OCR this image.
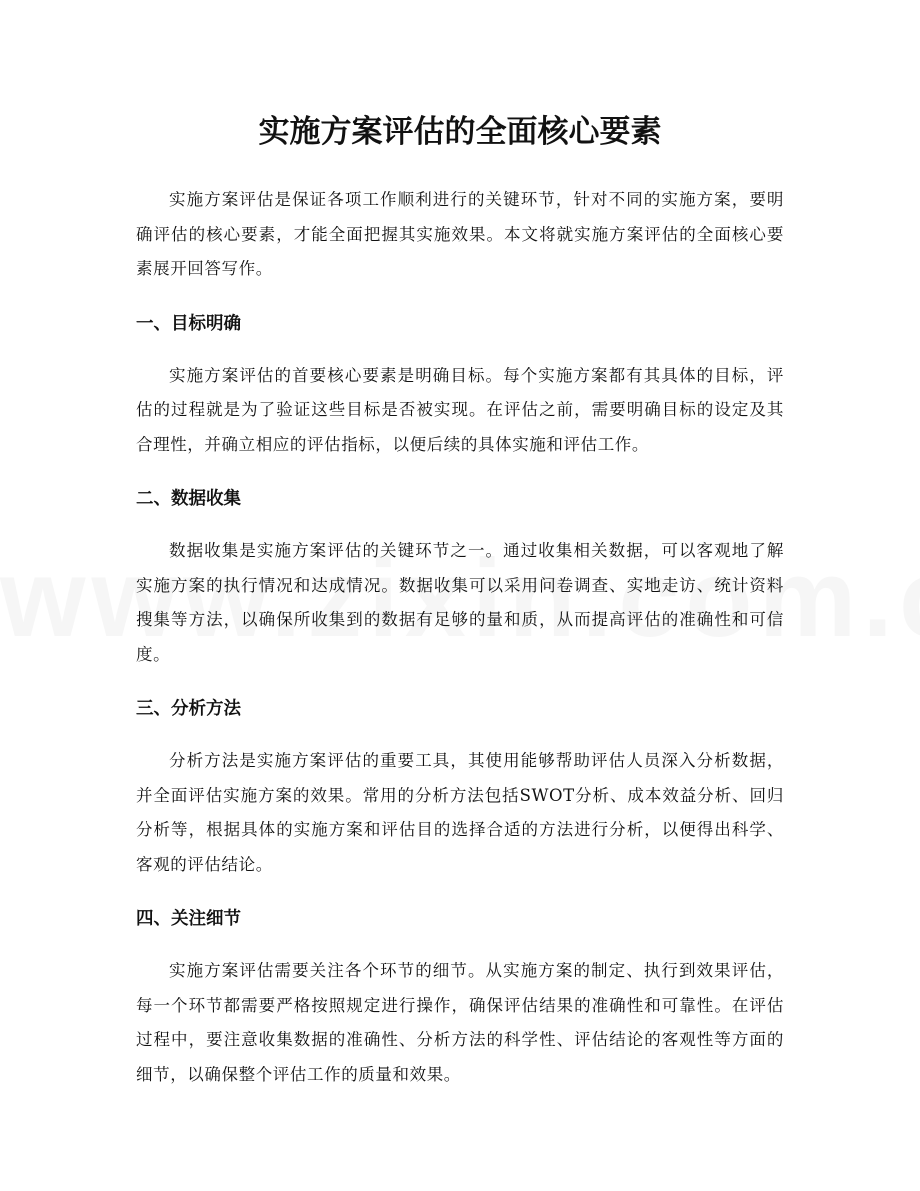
实施方案评估的全面核心要素

实施方案评估是保证各项工作顺利进行的关键环节，针对不同的实施方案，要明确评估的核心要素，才能全面把握其实施效果。本文将就实施方案评估的全面核心要素展开回答写作。

一、目标明确

实施方案评估的首要核心要素是明确目标。每个实施方案都有其具体的目标，评估的过程就是为了验证这些目标是否被实现。在评估之前，需要明确目标的设定及其合理性，并确立相应的评估指标，以便后续的具体实施和评估工作。

二、数据收集

数据收集是实施方案评估的关键环节之一。通过收集相关数据，可以客观地了解实施方案的执行情况和达成情况。数据收集可以采用问卷调查、实地走访、统计资料搜集等方法，以确保所收集到的数据有足够的量和质，从而提高评估的准确性和可信度。

三、分析方法

分析方法是实施方案评估的重要工具，其使用能够帮助评估人员深入分析数据，并全面评估实施方案的效果。常用的分析方法包括SWOT分析、成本效益分析、回归分析等，根据具体的实施方案和评估目的选择合适的方法进行分析，以便得出科学、客观的评估结论。

四、关注细节

实施方案评估需要关注各个环节的细节。从实施方案的制定、执行到效果评估，每一个环节都需要严格按照规定进行操作，确保评估结果的准确性和可靠性。在评估过程中，要注意收集数据的准确性、分析方法的科学性、评估结论的客观性等方面的细节，以确保整个评估工作的质量和效果。
